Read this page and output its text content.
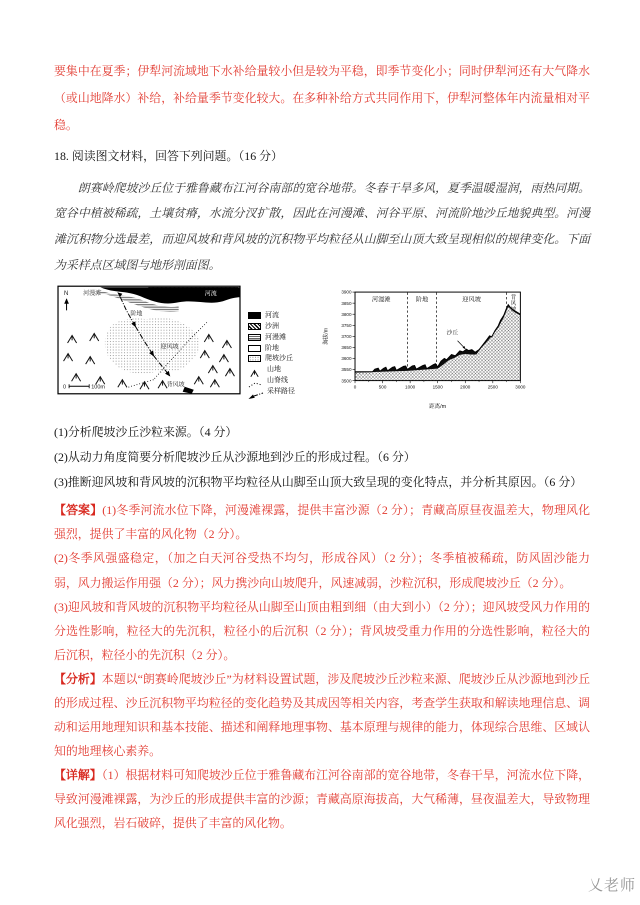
要集中在夏季；伊犁河流域地下水补给量较小但是较为平稳，即季节变化小；同时伊犁河还有大气降水（或山地降水）补给，补给量季节变化较大。在多种补给方式共同作用下，伊犁河整体年内流量相对平稳。

18. 阅读图文材料，回答下列问题。（16 分）

朗赛岭爬坡沙丘位于雅鲁藏布江河谷南部的宽谷地带。冬春干旱多风，夏季温暖湿润，雨热同期。宽谷中植被稀疏，土壤贫瘠，水流分汊扩散，因此在河漫滩、河谷平原、河流阶地沙丘地貌典型。河漫滩沉积物分选最差，而迎风坡和背风坡的沉积物平均粒径从山脚至山顶大致呈现相似的规律变化。下面为采样点区域图与地形剖面图。

N 河漫滩	河流
阶地
迎风坡
背风坡
0	100m
河流
沙洲
河漫滩
阶地
爬坡沙丘
山地
山脊线
采样路径
河漫滩	阶地	迎风坡	背风坡
3500
3550
3600
3650
3700
3750
3800
3850
3900
0	500	1000	1500	2000	2500	3000
沙丘
距离/m
海拔/m

(1)分析爬坡沙丘沙粒来源。（4 分）

(2)从动力角度简要分析爬坡沙丘从沙源地到沙丘的形成过程。（6 分）

(3)推断迎风坡和背风坡的沉积物平均粒径从山脚至山顶大致呈现的变化特点，并分析其原因。（6 分）

【答案】(1)冬季河流水位下降，河漫滩裸露，提供丰富沙源（2 分）；青藏高原昼夜温差大，物理风化强烈，提供了丰富的风化物（2 分）。

(2)冬季风强盛稳定，（加之白天河谷受热不均匀，形成谷风）（2 分）；冬季植被稀疏，防风固沙能力弱，风力搬运作用强（2 分）；风力携沙向山坡爬升，风速减弱，沙粒沉积，形成爬坡沙丘（2 分）。

(3)迎风坡和背风坡的沉积物平均粒径从山脚至山顶由粗到细（由大到小）（2 分）；迎风坡受风力作用的分选性影响，粒径大的先沉积，粒径小的后沉积（2 分）；背风坡受重力作用的分选性影响，粒径大的后沉积，粒径小的先沉积（2 分）。

【分析】本题以“朗赛岭爬坡沙丘”为材料设置试题，涉及爬坡沙丘沙粒来源、爬坡沙丘从沙源地到沙丘的形成过程、沙丘沉积物平均粒径的变化趋势及其成因等相关内容，考查学生获取和解读地理信息、调动和运用地理知识和基本技能、描述和阐释地理事物、基本原理与规律的能力，体现综合思维、区域认知的地理核心素养。

【详解】（1）根据材料可知爬坡沙丘位于雅鲁藏布江河谷南部的宽谷地带，冬春干旱，河流水位下降，导致河漫滩裸露，为沙丘的形成提供丰富的沙源；青藏高原海拔高，大气稀薄，昼夜温差大，导致物理风化强烈，岩石破碎，提供了丰富的风化物。

乂老师
